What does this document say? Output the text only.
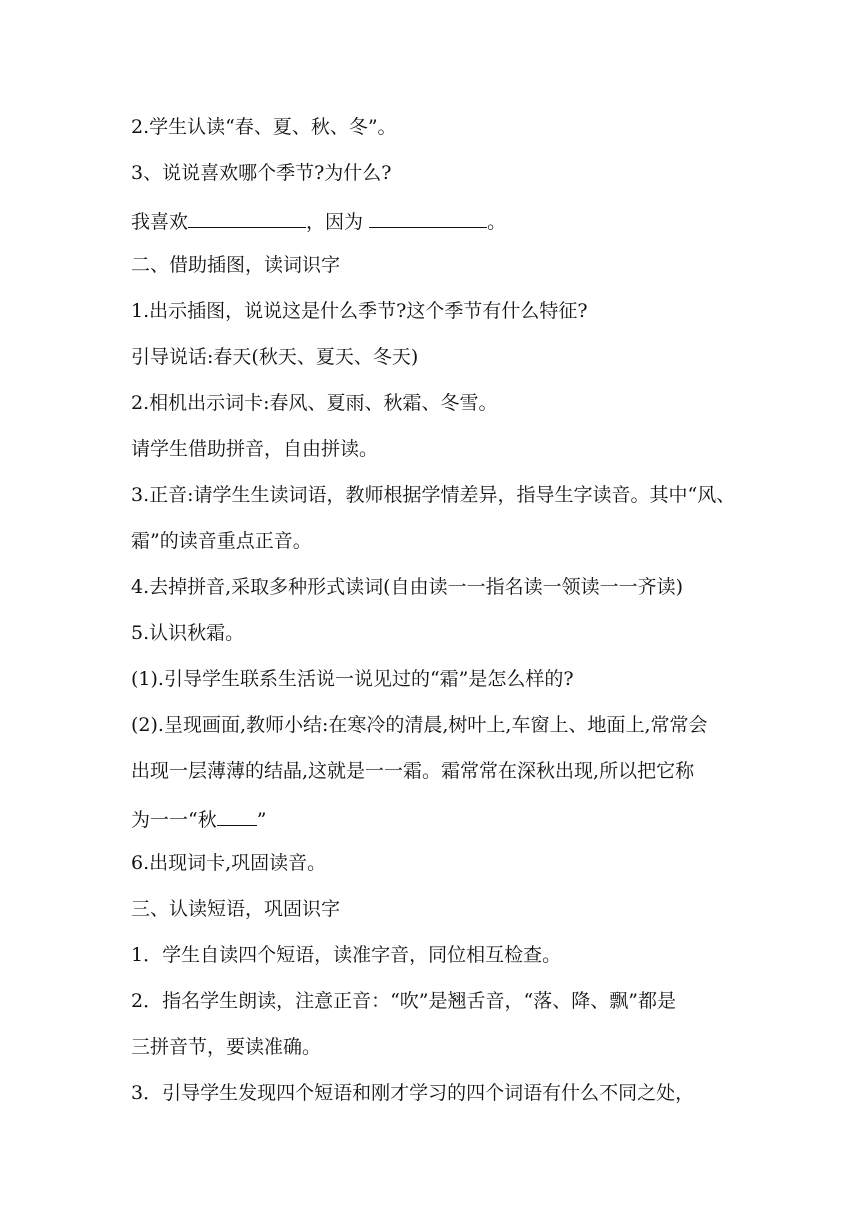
2.学生认读“春、夏、秋、冬”。
3、说说喜欢哪个季节?为什么?
我喜欢	，因为	。
二、借助插图，读词识字
1.出示插图，说说这是什么季节?这个季节有什么特征?
引导说话:春天(秋天、夏天、冬天)
2.相机出示词卡:春风、夏雨、秋霜、冬雪。
请学生借助拼音，自由拼读。
3.正音:请学生生读词语，教师根据学情差异，指导生字读音。其中“风、
霜”的读音重点正音。
4.去掉拼音,采取多种形式读词(自由读一一指名读一领读一一齐读)
5.认识秋霜。
(1).引导学生联系生活说一说见过的“霜”是怎么样的?
(2).呈现画面,教师小结:在寒冷的清晨,树叶上,车窗上、地面上,常常会
出现一层薄薄的结晶,这就是一一霜。霜常常在深秋出现,所以把它称
为一一“秋 ”
6.出现词卡,巩固读音。
三、认读短语，巩固识字
1．学生自读四个短语，读准字音，同位相互检查。
2．指名学生朗读，注意正音：“吹”是翘舌音，“落、降、飘”都是
三拼音节，要读准确。
3．引导学生发现四个短语和刚才学习的四个词语有什么不同之处，
